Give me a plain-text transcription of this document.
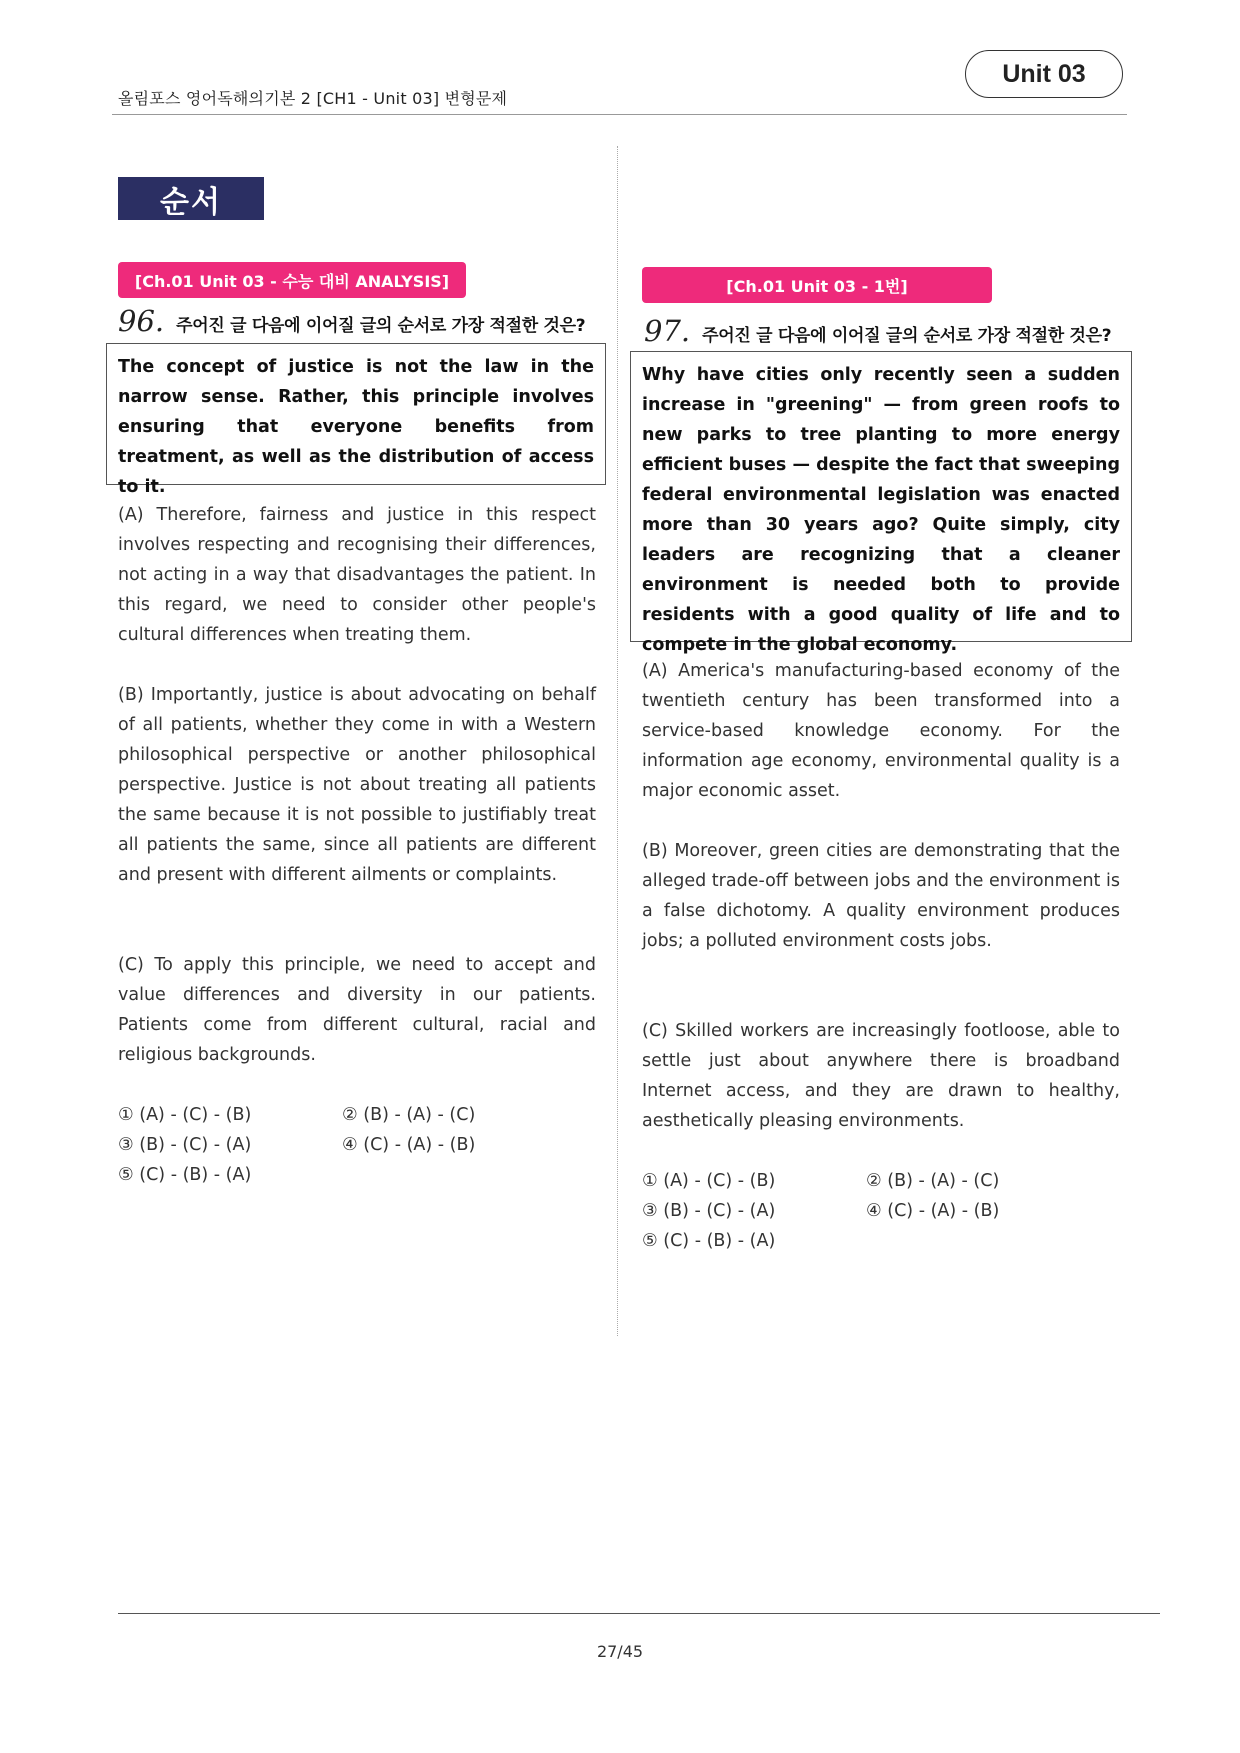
올림포스 영어독해의기본 2 [CH1 - Unit 03] 변형문제
Unit 03
순서
[Ch.01 Unit 03 - 수능 대비 ANALYSIS]
96. 주어진 글 다음에 이어질 글의 순서로 가장 적절한 것은?

The concept of justice is not the law in the narrow sense. Rather, this principle involves ensuring that everyone benefits from treatment, as well as the distribution of access to it.

(A) Therefore, fairness and justice in this respect involves respecting and recognising their differences, not acting in a way that disadvantages the patient. In this regard, we need to consider other people's cultural differences when treating them.

(B) Importantly, justice is about advocating on behalf of all patients, whether they come in with a Western philosophical perspective or another philosophical perspective. Justice is not about treating all patients the same because it is not possible to justifiably treat all patients the same, since all patients are different and present with different ailments or complaints.

(C) To apply this principle, we need to accept and value differences and diversity in our patients. Patients come from different cultural, racial and religious backgrounds.

① (A) - (C) - (B)	② (B) - (A) - (C)
③ (B) - (C) - (A)	④ (C) - (A) - (B)
⑤ (C) - (B) - (A)
[Ch.01 Unit 03 - 1번]
97. 주어진 글 다음에 이어질 글의 순서로 가장 적절한 것은?

Why have cities only recently seen a sudden increase in "greening" — from green roofs to new parks to tree planting to more energy efficient buses — despite the fact that sweeping federal environmental legislation was enacted more than 30 years ago? Quite simply, city leaders are recognizing that a cleaner environment is needed both to provide residents with a good quality of life and to compete in the global economy.

(A) America's manufacturing-based economy of the twentieth century has been transformed into a service-based knowledge economy. For the information age economy, environmental quality is a major economic asset.

(B) Moreover, green cities are demonstrating that the alleged trade-off between jobs and the environment is a false dichotomy. A quality environment produces jobs; a polluted environment costs jobs.

(C) Skilled workers are increasingly footloose, able to settle just about anywhere there is broadband Internet access, and they are drawn to healthy, aesthetically pleasing environments.

① (A) - (C) - (B)	② (B) - (A) - (C)
③ (B) - (C) - (A)	④ (C) - (A) - (B)
⑤ (C) - (B) - (A)
27/45
